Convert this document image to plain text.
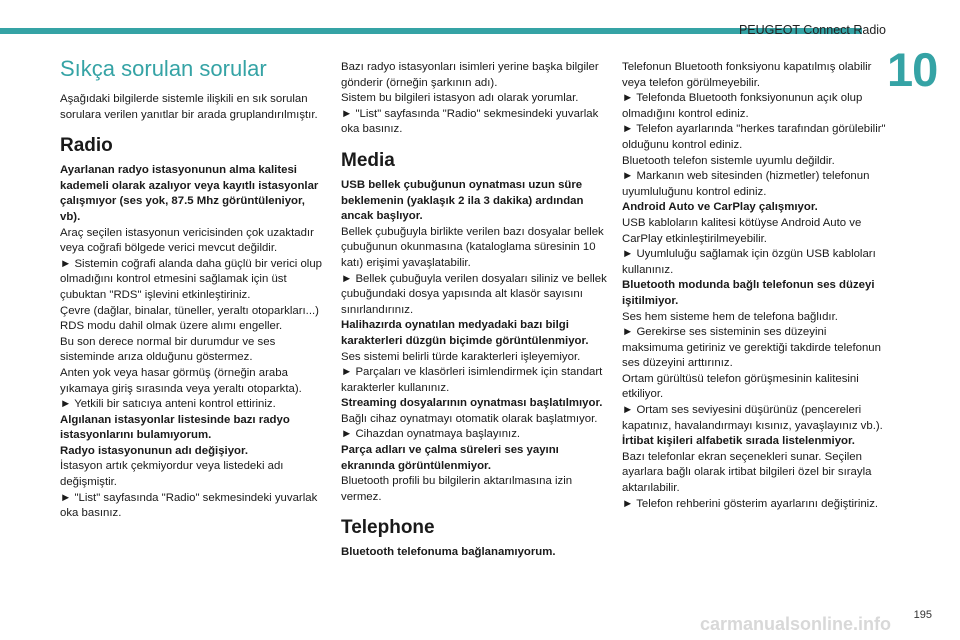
PEUGEOT Connect Radio
10
Sıkça sorulan sorular

Aşağıdaki bilgilerde sistemle ilişkili en sık sorulan sorulara verilen yanıtlar bir arada gruplandırılmıştır.

Radio

Ayarlanan radyo istasyonunun alma kalitesi kademeli olarak azalıyor veya kayıtlı istasyonlar çalışmıyor (ses yok, 87.5 Mhz görüntüleniyor, vb).

Araç seçilen istasyonun vericisinden çok uzaktadır veya coğrafi bölgede verici mevcut değildir.

► Sistemin coğrafi alanda daha güçlü bir verici olup olmadığını kontrol etmesini sağlamak için üst çubuktan "RDS" işlevini etkinleştiriniz.

Çevre (dağlar, binalar, tüneller, yeraltı otoparkları...) RDS modu dahil olmak üzere alımı engeller.

Bu son derece normal bir durumdur ve ses sisteminde arıza olduğunu göstermez.

Anten yok veya hasar görmüş (örneğin araba yıkamaya giriş sırasında veya yeraltı otoparkta).

► Yetkili bir satıcıya anteni kontrol ettiriniz.

Algılanan istasyonlar listesinde bazı radyo istasyonlarını bulamıyorum.

Radyo istasyonunun adı değişiyor.

İstasyon artık çekmiyordur veya listedeki adı değişmiştir.

► "List" sayfasında "Radio" sekmesindeki yuvarlak oka basınız.

Bazı radyo istasyonları isimleri yerine başka bilgiler gönderir (örneğin şarkının adı).

Sistem bu bilgileri istasyon adı olarak yorumlar.

► "List" sayfasında "Radio" sekmesindeki yuvarlak oka basınız.

Media

USB bellek çubuğunun oynatması uzun süre beklemenin (yaklaşık 2 ila 3 dakika) ardından ancak başlıyor.

Bellek çubuğuyla birlikte verilen bazı dosyalar bellek çubuğunun okunmasına (kataloglama süresinin 10 katı) erişimi yavaşlatabilir.

► Bellek çubuğuyla verilen dosyaları siliniz ve bellek çubuğundaki dosya yapısında alt klasör sayısını sınırlandırınız.

Halihazırda oynatılan medyadaki bazı bilgi karakterleri düzgün biçimde görüntülenmiyor.

Ses sistemi belirli türde karakterleri işleyemiyor.

► Parçaları ve klasörleri isimlendirmek için standart karakterler kullanınız.

Streaming dosyalarının oynatması başlatılmıyor.

Bağlı cihaz oynatmayı otomatik olarak başlatmıyor.

► Cihazdan oynatmaya başlayınız.

Parça adları ve çalma süreleri ses yayını ekranında görüntülenmiyor.

Bluetooth profili bu bilgilerin aktarılmasına izin vermez.

Telephone

Bluetooth telefonuma bağlanamıyorum.

Telefonun Bluetooth fonksiyonu kapatılmış olabilir veya telefon görülmeyebilir.

► Telefonda Bluetooth fonksiyonunun açık olup olmadığını kontrol ediniz.

► Telefon ayarlarında "herkes tarafından görülebilir" olduğunu kontrol ediniz.

Bluetooth telefon sistemle uyumlu değildir.

► Markanın web sitesinden (hizmetler) telefonun uyumluluğunu kontrol ediniz.

Android Auto ve CarPlay çalışmıyor.

USB kabloların kalitesi kötüyse Android Auto ve CarPlay etkinleştirilmeyebilir.

► Uyumluluğu sağlamak için özgün USB kabloları kullanınız.

Bluetooth modunda bağlı telefonun ses düzeyi işitilmiyor.

Ses hem sisteme hem de telefona bağlıdır.

► Gerekirse ses sisteminin ses düzeyini maksimuma getiriniz ve gerektiği takdirde telefonun ses düzeyini arttırınız.

Ortam gürültüsü telefon görüşmesinin kalitesini etkiliyor.

► Ortam ses seviyesini düşürünüz (pencereleri kapatınız, havalandırmayı kısınız, yavaşlayınız vb.).

İrtibat kişileri alfabetik sırada listelenmiyor.

Bazı telefonlar ekran seçenekleri sunar. Seçilen ayarlara bağlı olarak irtibat bilgileri özel bir sırayla aktarılabilir.

► Telefon rehberini gösterim ayarlarını değiştiriniz.

carmanualsonline.info 195
